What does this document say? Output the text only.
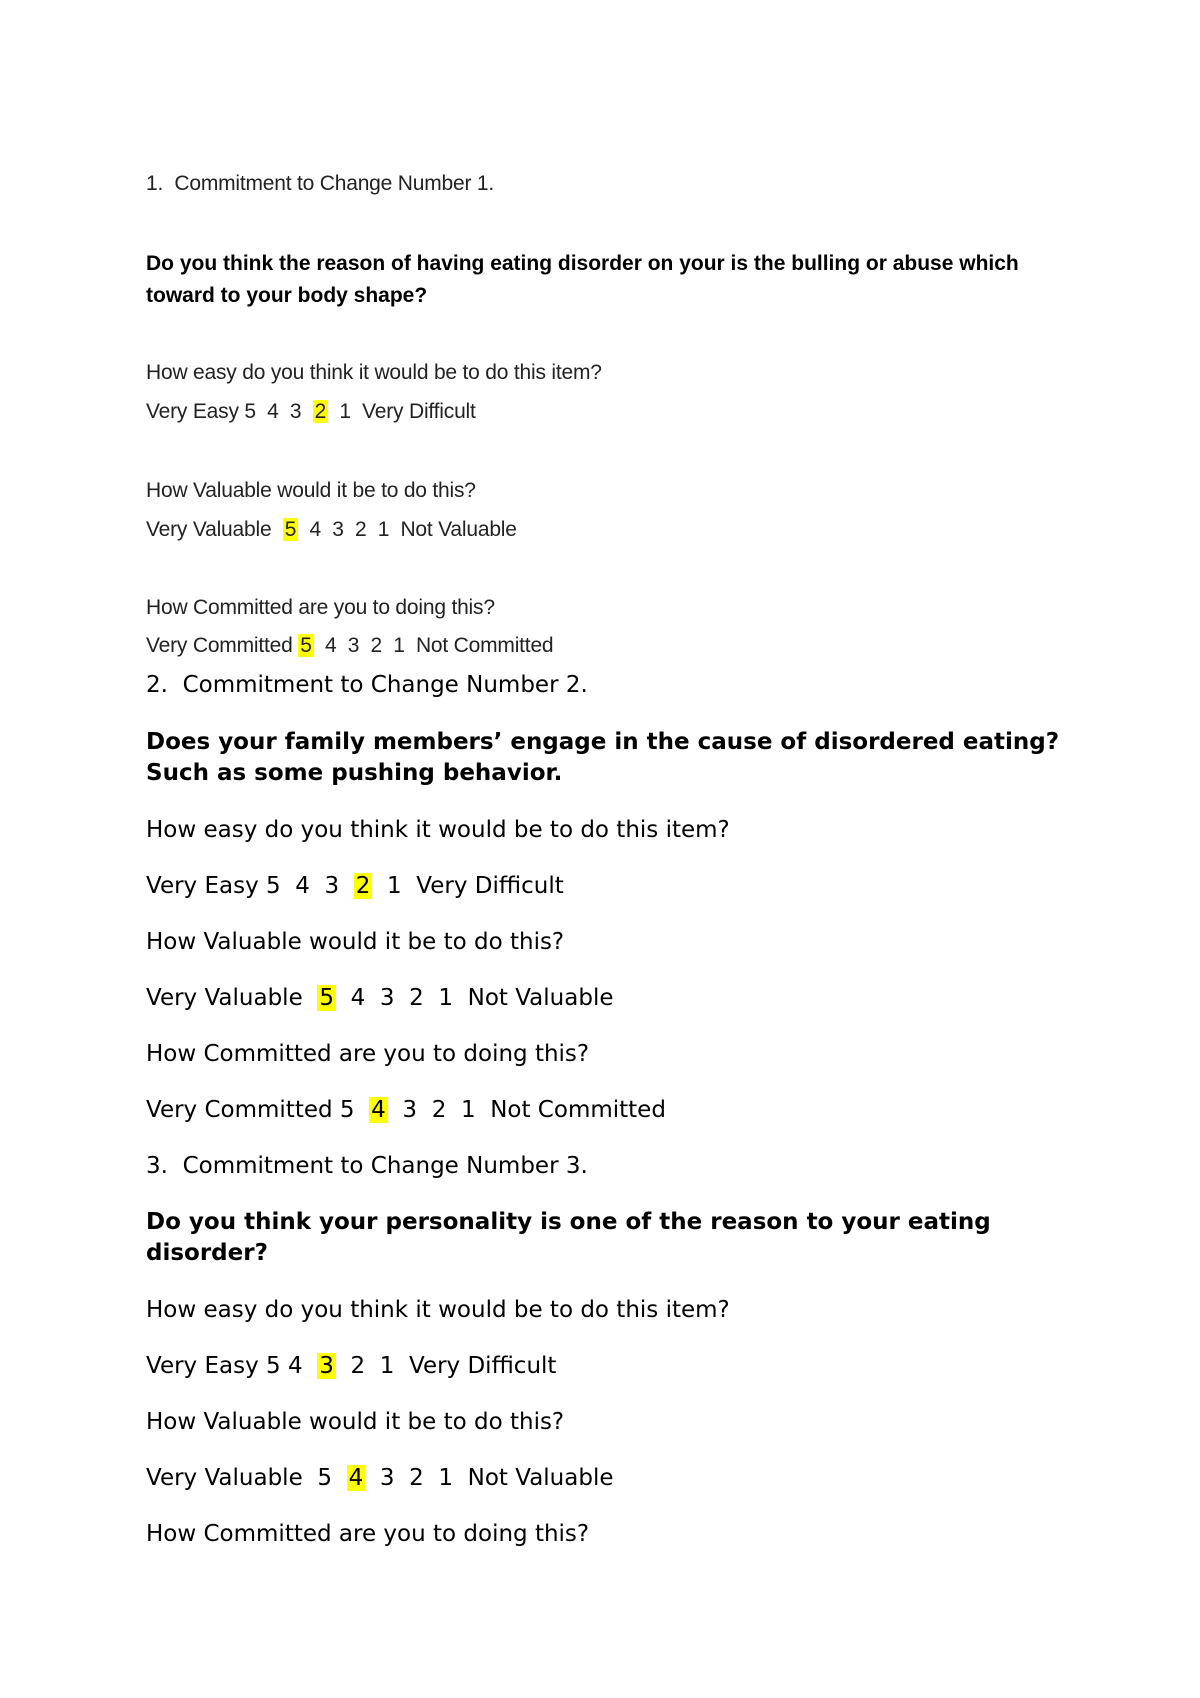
1.  Commitment to Change Number 1.

Do you think the reason of having eating disorder on your is the bulling or abuse which toward to your body shape?

How easy do you think it would be to do this item?

Very Easy 5  4  3  2  1  Very Difficult

How Valuable would it be to do this?

Very Valuable  5  4  3  2  1  Not Valuable

How Committed are you to doing this?

Very Committed 5  4  3  2  1  Not Committed

2.  Commitment to Change Number 2.

Does your family members’ engage in the cause of disordered eating? Such as some pushing behavior.

How easy do you think it would be to do this item?

Very Easy 5  4  3  2  1  Very Difficult

How Valuable would it be to do this?

Very Valuable  5  4  3  2  1  Not Valuable

How Committed are you to doing this?

Very Committed 5  4  3  2  1  Not Committed

3.  Commitment to Change Number 3.

Do you think your personality is one of the reason to your eating disorder?

How easy do you think it would be to do this item?

Very Easy 5 4  3  2  1  Very Difficult

How Valuable would it be to do this?

Very Valuable  5  4  3  2  1  Not Valuable

How Committed are you to doing this?
